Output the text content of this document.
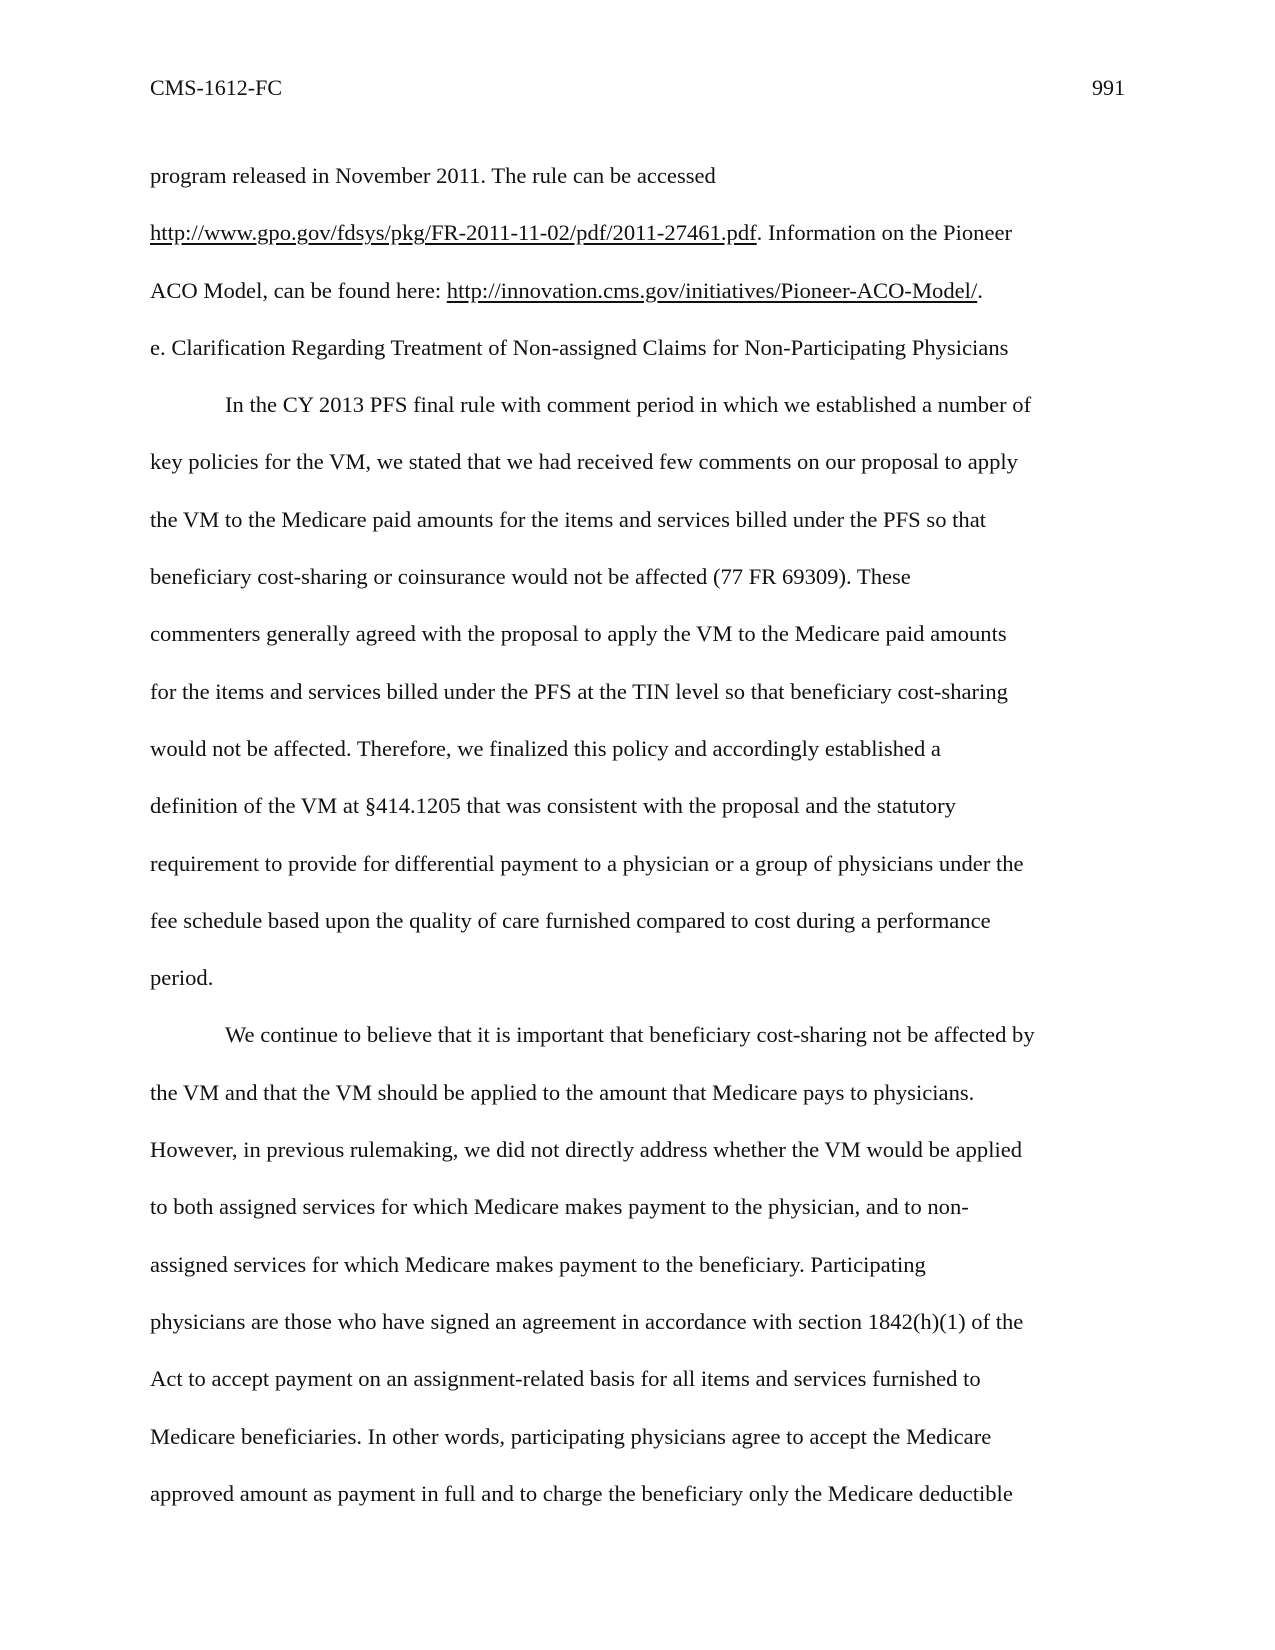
CMS-1612-FC	991
program released in November 2011. The rule can be accessed
http://www.gpo.gov/fdsys/pkg/FR-2011-11-02/pdf/2011-27461.pdf. Information on the Pioneer
ACO Model, can be found here: http://innovation.cms.gov/initiatives/Pioneer-ACO-Model/.
e. Clarification Regarding Treatment of Non-assigned Claims for Non-Participating Physicians
In the CY 2013 PFS final rule with comment period in which we established a number of
key policies for the VM, we stated that we had received few comments on our proposal to apply
the VM to the Medicare paid amounts for the items and services billed under the PFS so that
beneficiary cost-sharing or coinsurance would not be affected (77 FR 69309). These
commenters generally agreed with the proposal to apply the VM to the Medicare paid amounts
for the items and services billed under the PFS at the TIN level so that beneficiary cost-sharing
would not be affected. Therefore, we finalized this policy and accordingly established a
definition of the VM at §414.1205 that was consistent with the proposal and the statutory
requirement to provide for differential payment to a physician or a group of physicians under the
fee schedule based upon the quality of care furnished compared to cost during a performance
period.
We continue to believe that it is important that beneficiary cost-sharing not be affected by
the VM and that the VM should be applied to the amount that Medicare pays to physicians.
However, in previous rulemaking, we did not directly address whether the VM would be applied
to both assigned services for which Medicare makes payment to the physician, and to non-
assigned services for which Medicare makes payment to the beneficiary. Participating
physicians are those who have signed an agreement in accordance with section 1842(h)(1) of the
Act to accept payment on an assignment-related basis for all items and services furnished to
Medicare beneficiaries. In other words, participating physicians agree to accept the Medicare
approved amount as payment in full and to charge the beneficiary only the Medicare deductible
